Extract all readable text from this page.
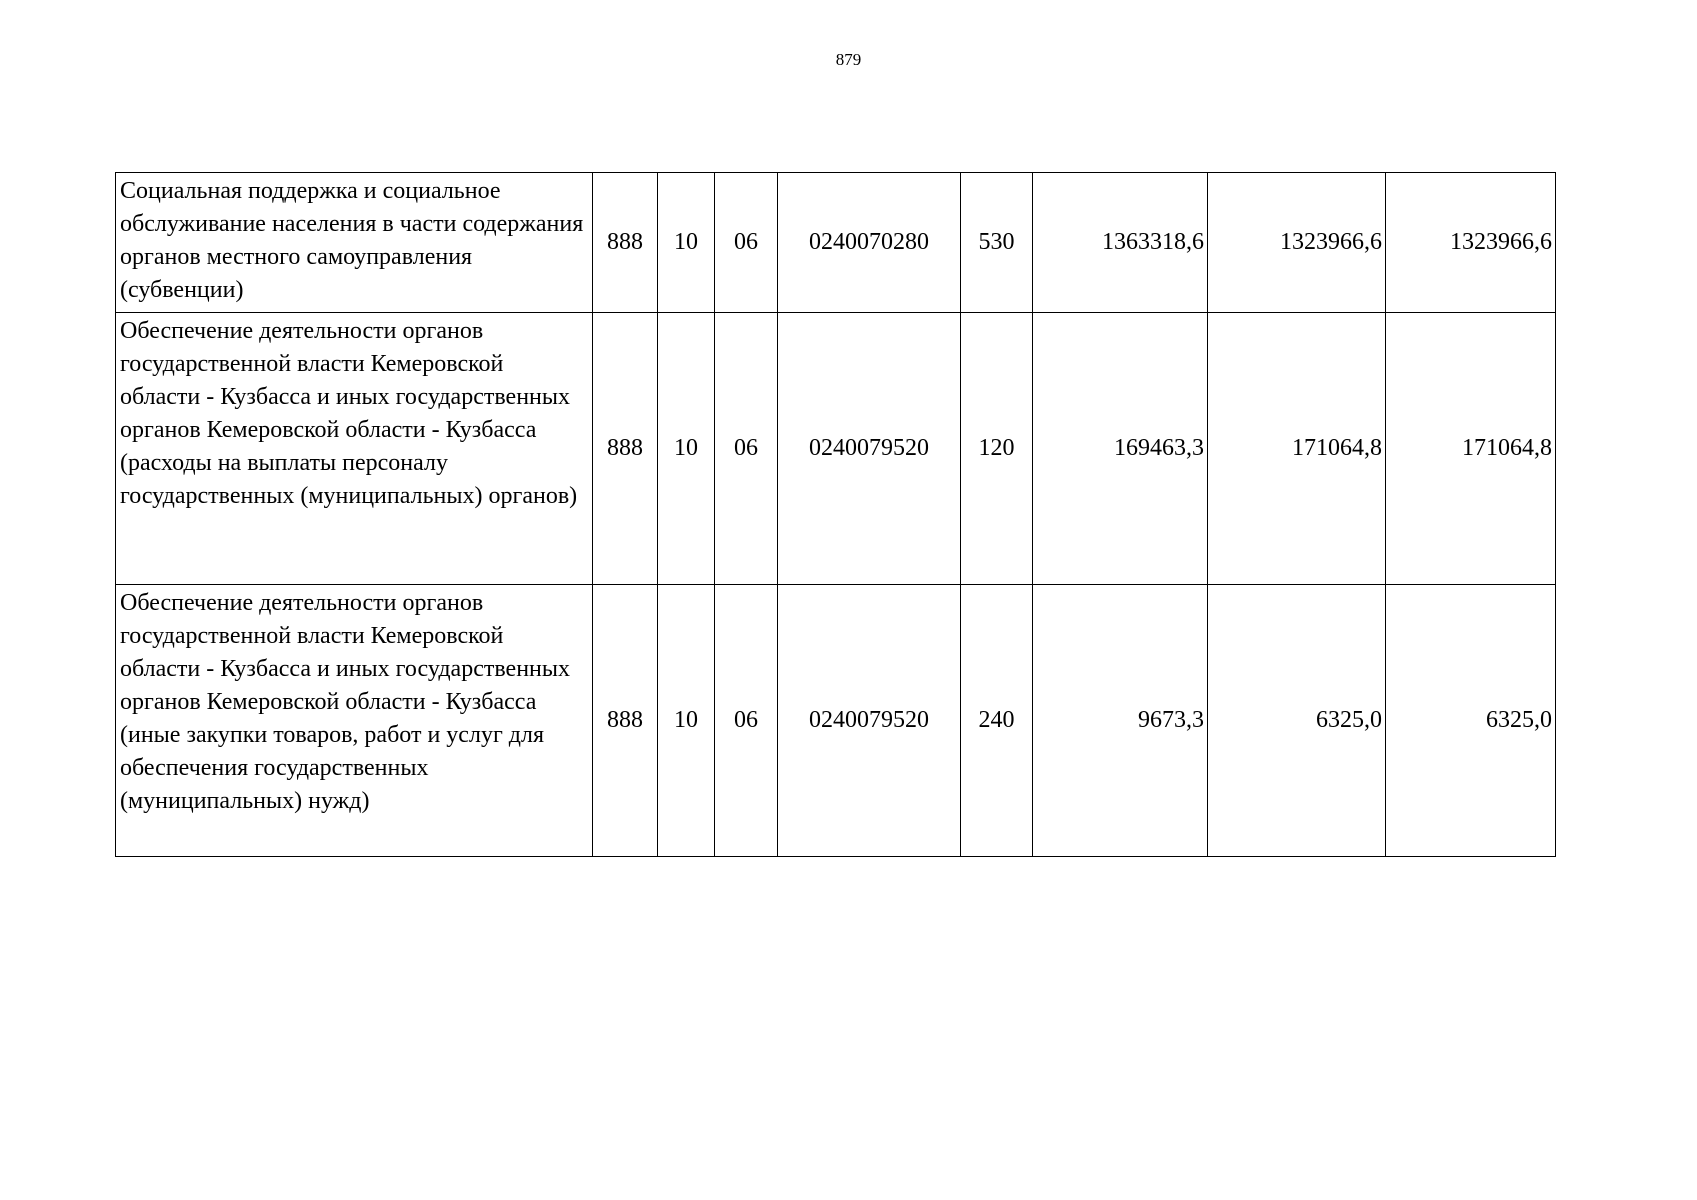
879
Социальная поддержка и социальное обслуживание населения в части содержания органов местного самоуправления (субвенции)	888	10	06	0240070280	530	1363318,6	1323966,6	1323966,6
Обеспечение деятельности органов государственной власти Кемеровской области - Кузбасса и иных государственных органов Кемеровской области - Кузбасса (расходы на выплаты персоналу государственных (муниципальных) органов)	888	10	06	0240079520	120	169463,3	171064,8	171064,8
Обеспечение деятельности органов государственной власти Кемеровской области - Кузбасса и иных государственных органов Кемеровской области - Кузбасса (иные закупки товаров, работ и услуг для обеспечения государственных (муниципальных) нужд)	888	10	06	0240079520	240	9673,3	6325,0	6325,0
